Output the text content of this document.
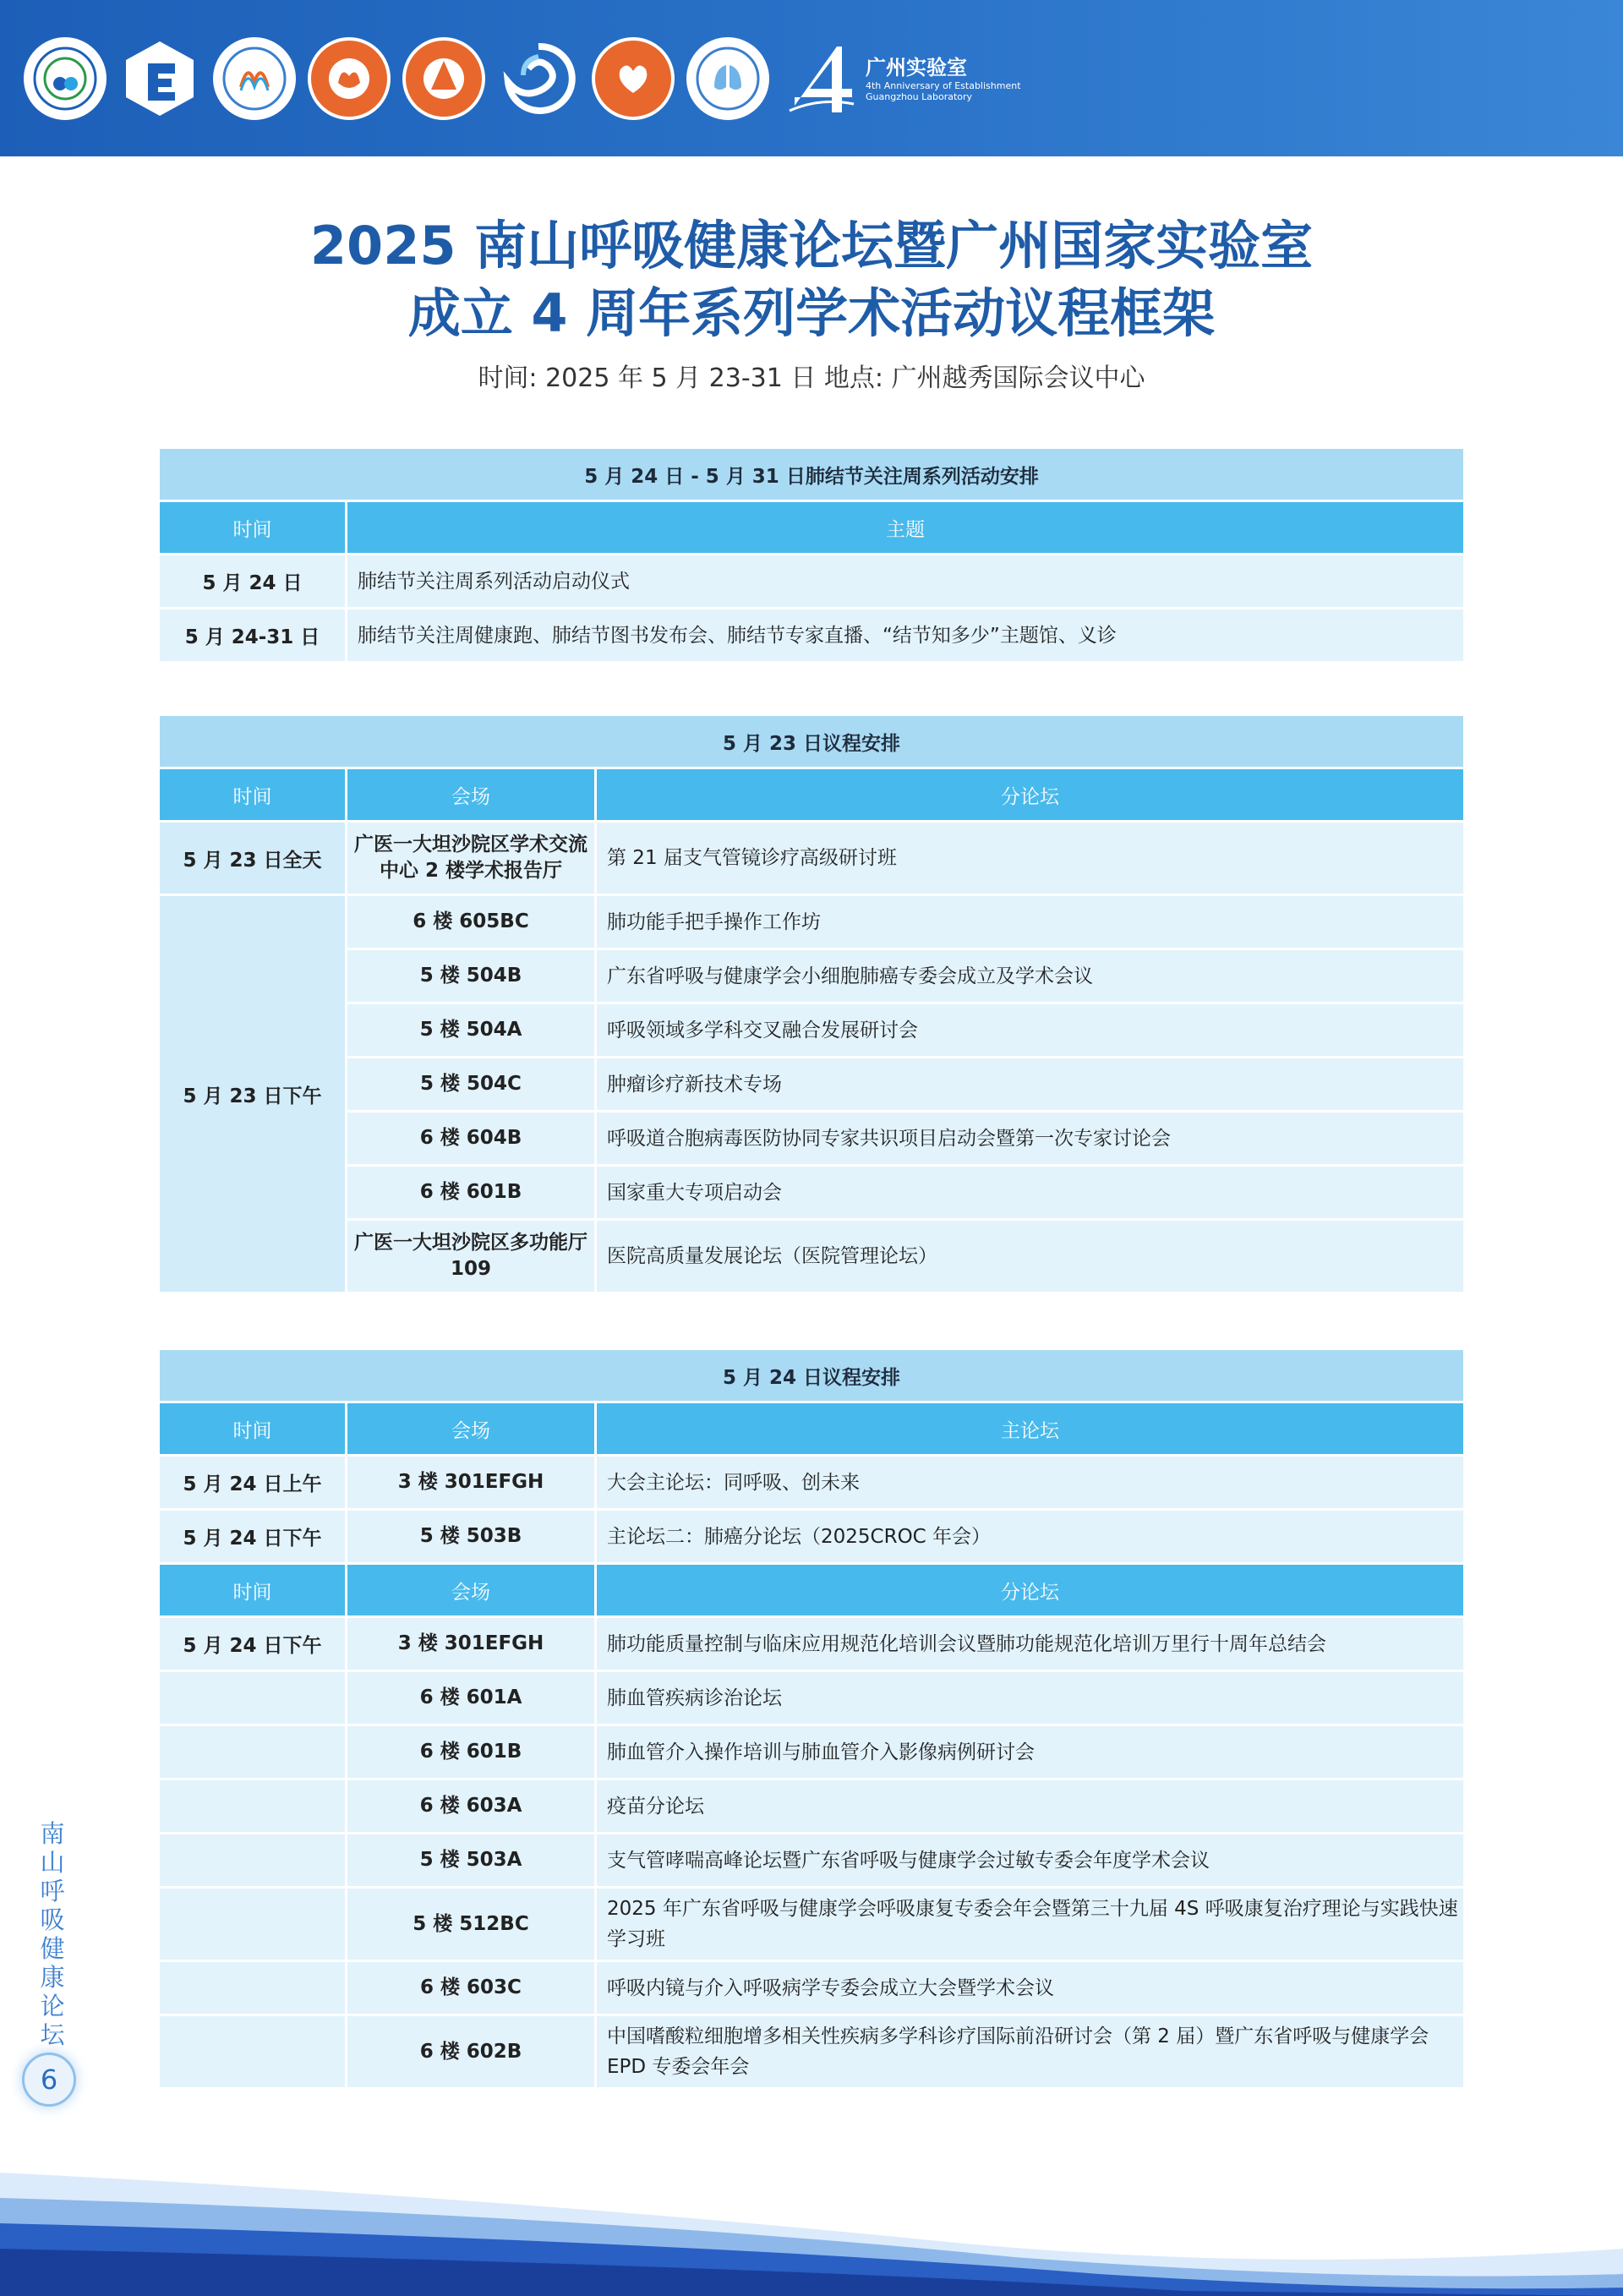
广州实验室
4th Anniversary of Establishment
Guangzhou Laboratory
2025 南山呼吸健康论坛暨广州国家实验室
成立 4 周年系列学术活动议程框架
时间: 2025 年 5 月 23-31 日 地点: 广州越秀国际会议中心
5 月 24 日 - 5 月 31 日肺结节关注周系列活动安排	
时间	主题
5 月 24 日	肺结节关注周系列活动启动仪式
5 月 24-31 日	肺结节关注周健康跑、肺结节图书发布会、肺结节专家直播、“结节知多少”主题馆、义诊
5 月 23 日议程安排		
时间	会场	分论坛
5 月 23 日全天	广医一大坦沙院区学术交流中心 2 楼学术报告厅	第 21 届支气管镜诊疗高级研讨班
5 月 23 日下午	6 楼 605BC	肺功能手把手操作工作坊
	5 楼 504B	广东省呼吸与健康学会小细胞肺癌专委会成立及学术会议
	5 楼 504A	呼吸领域多学科交叉融合发展研讨会
	5 楼 504C	肿瘤诊疗新技术专场
	6 楼 604B	呼吸道合胞病毒医防协同专家共识项目启动会暨第一次专家讨论会
	6 楼 601B	国家重大专项启动会
	广医一大坦沙院区多功能厅 109	医院高质量发展论坛（医院管理论坛）
5 月 24 日议程安排		
时间	会场	主论坛
5 月 24 日上午	3 楼 301EFGH	大会主论坛：同呼吸、创未来
5 月 24 日下午	5 楼 503B	主论坛二：肺癌分论坛（2025CROC 年会）
时间	会场	分论坛
5 月 24 日下午	3 楼 301EFGH	肺功能质量控制与临床应用规范化培训会议暨肺功能规范化培训万里行十周年总结会
	6 楼 601A	肺血管疾病诊治论坛
	6 楼 601B	肺血管介入操作培训与肺血管介入影像病例研讨会
	6 楼 603A	疫苗分论坛
	5 楼 503A	支气管哮喘高峰论坛暨广东省呼吸与健康学会过敏专委会年度学术会议
	5 楼 512BC	2025 年广东省呼吸与健康学会呼吸康复专委会年会暨第三十九届 4S 呼吸康复治疗理论与实践快速学习班
	6 楼 603C	呼吸内镜与介入呼吸病学专委会成立大会暨学术会议
	6 楼 602B	中国嗜酸粒细胞增多相关性疾病多学科诊疗国际前沿研讨会（第 2 届）暨广东省呼吸与健康学会 EPD 专委会年会
南山呼吸健康论坛
6
